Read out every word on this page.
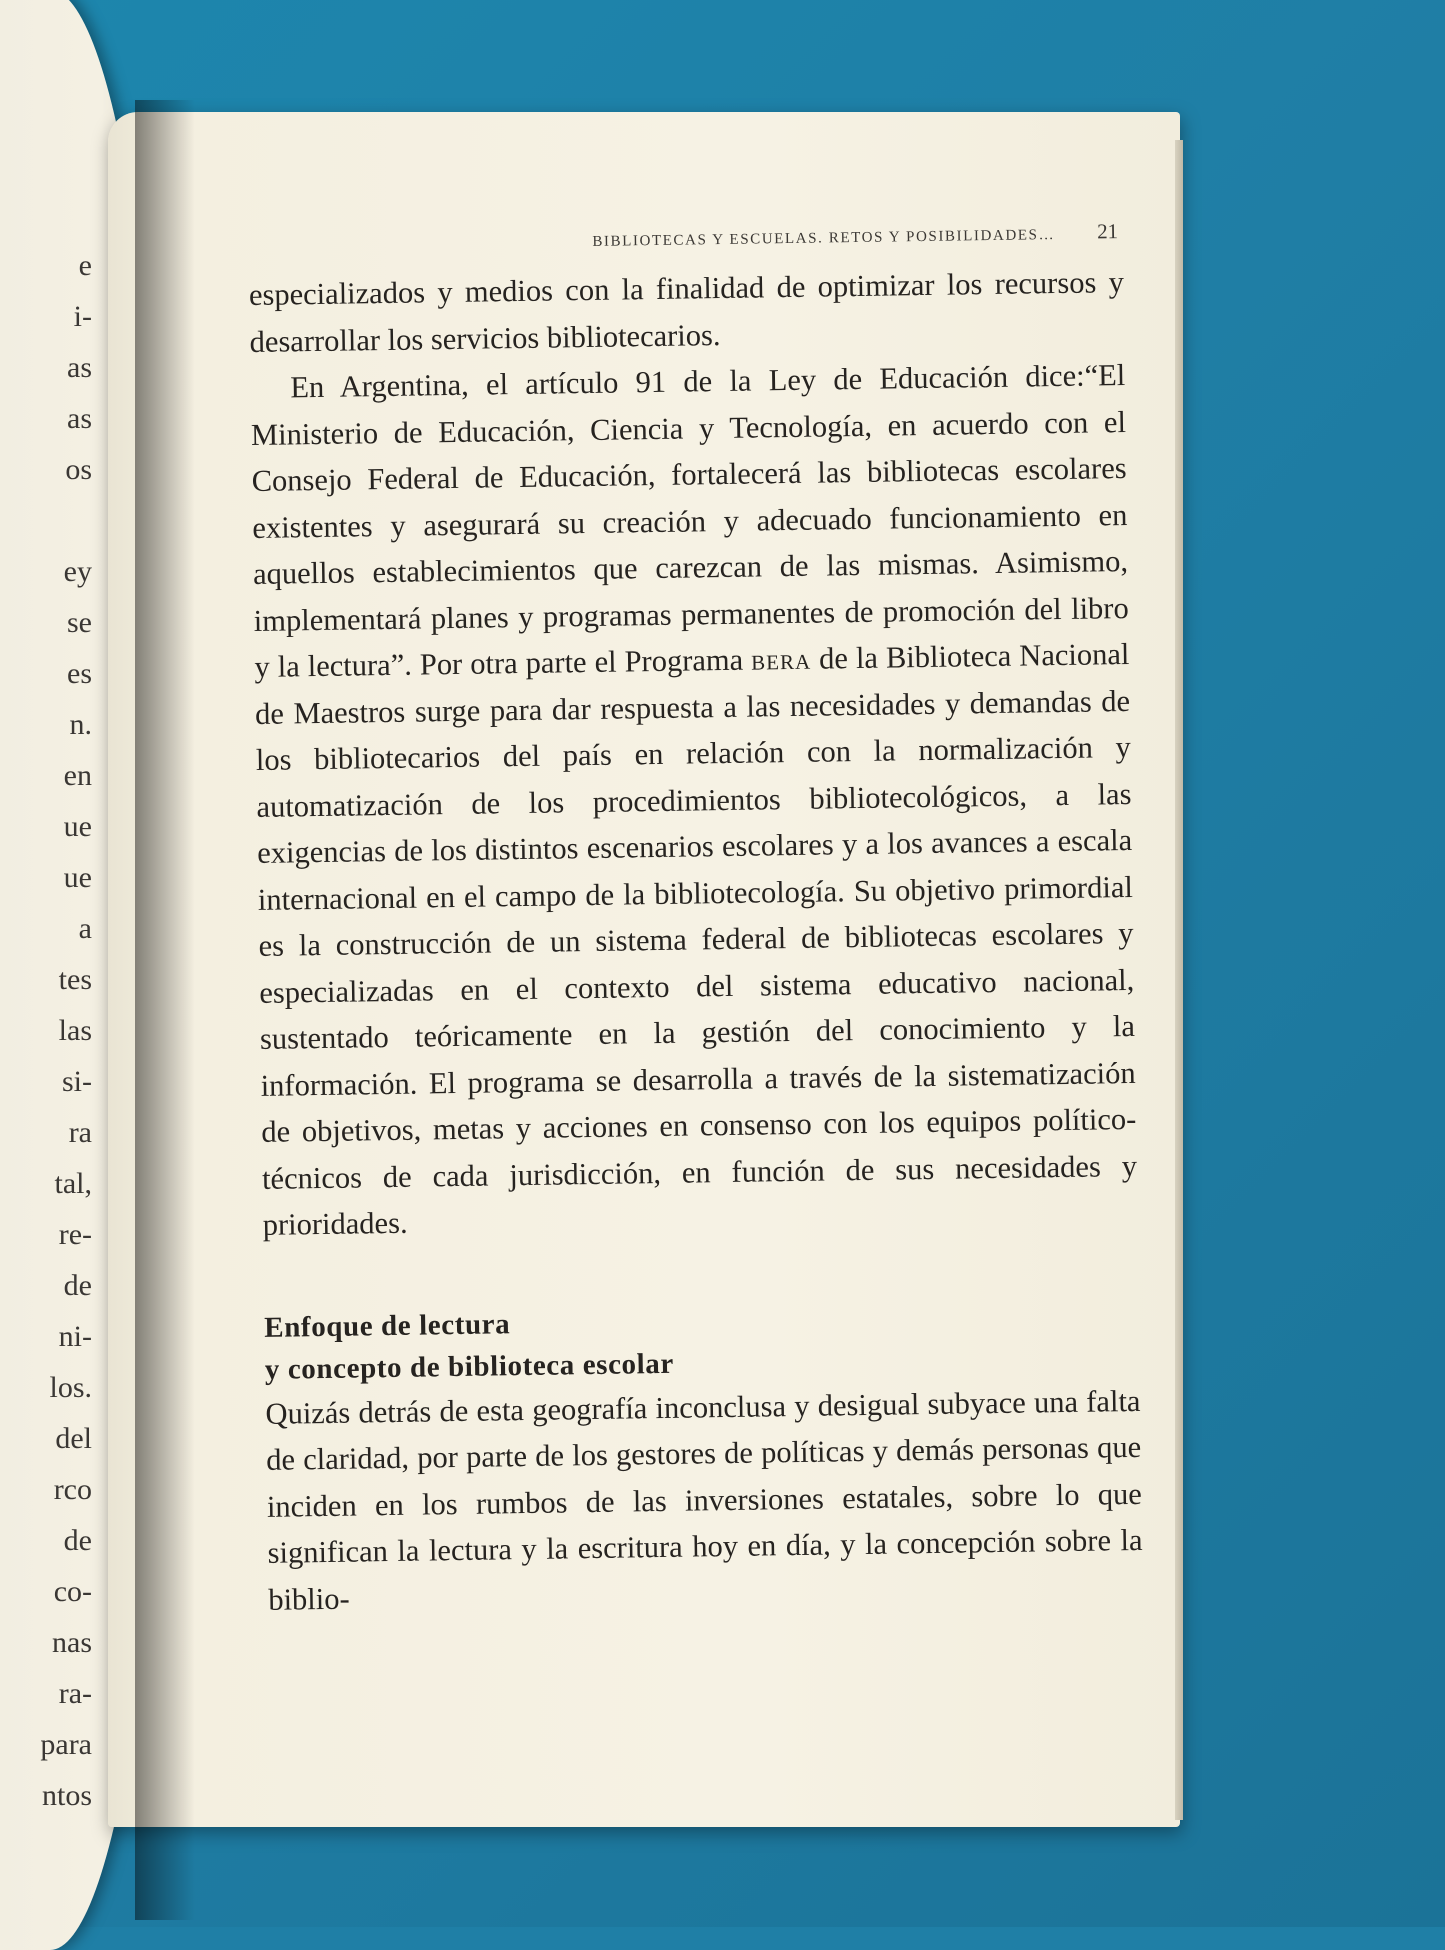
e
i-
as
as
os
ey
se
es
n.
en
ue
ue
a
tes
las
si-
ra
tal,
re-
de
ni-
los.
del
rco
de
co-
nas
ra-
para
ntos
BIBLIOTECAS Y ESCUELAS. RETOS Y POSIBILIDADES… 21

especializados y medios con la finalidad de optimizar los recursos y desarrollar los servicios bibliotecarios.

En Argentina, el artículo 91 de la Ley de Educación dice:“El Ministerio de Educación, Ciencia y Tecnología, en acuerdo con el Consejo Federal de Educación, fortalecerá las bibliotecas escolares existentes y asegurará su creación y adecuado funcionamiento en aquellos establecimientos que carezcan de las mismas. Asimismo, implementará planes y programas permanentes de promoción del libro y la lectura”. Por otra parte el Programa bera de la Biblioteca Nacional de Maestros surge para dar respuesta a las necesidades y demandas de los bibliotecarios del país en relación con la normalización y automatización de los procedimientos bibliotecológicos, a las exigencias de los distintos escenarios escolares y a los avances a escala internacional en el campo de la bibliotecología. Su objetivo primordial es la construcción de un sistema federal de bibliotecas escolares y especializadas en el contexto del sistema educativo nacional, sustentado teóricamente en la gestión del conocimiento y la información. El programa se desarrolla a través de la sistematización de objetivos, metas y acciones en consenso con los equipos político-técnicos de cada jurisdicción, en función de sus necesidades y prioridades.

Enfoque de lectura
y concepto de biblioteca escolar

Quizás detrás de esta geografía inconclusa y desigual subyace una falta de claridad, por parte de los gestores de políticas y demás personas que inciden en los rumbos de las inversiones estatales, sobre lo que significan la lectura y la escritura hoy en día, y la concepción sobre la biblio-
